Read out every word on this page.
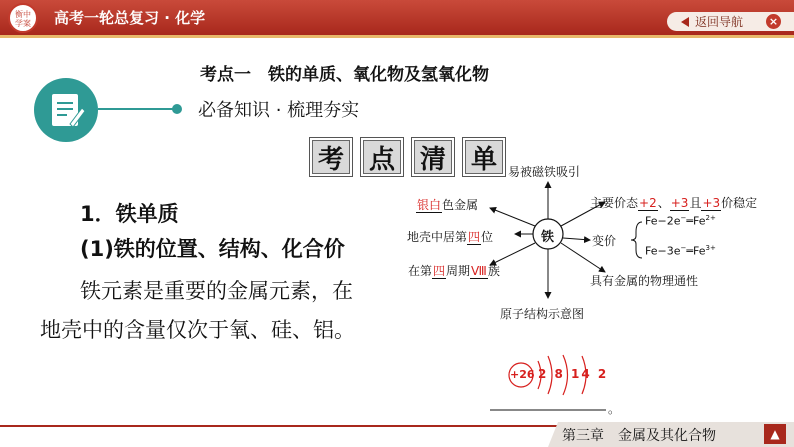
衡中
学案 高考一轮总复习 · 化学	返回导航 ×
考点一　铁的单质、氧化物及氢氧化物
必备知识 · 梳理夯实
考 点 清 单
1．铁单质
(1)铁的位置、结构、化合价
铁元素是重要的金属元素，在
地壳中的含量仅次于氧、硅、铝。
铁
易被磁铁吸引
银白色金属	主要价态+2、+3且+3价稳定
地壳中居第四位	变价
$Fe-2e^-═Fe^{2+}$
$Fe-3e^-═Fe^{3+}$
在第四周期Ⅷ族
具有金属的物理通性
原子结构示意图
+26 2 8 14 2
。
第三章　金属及其化合物	▲
